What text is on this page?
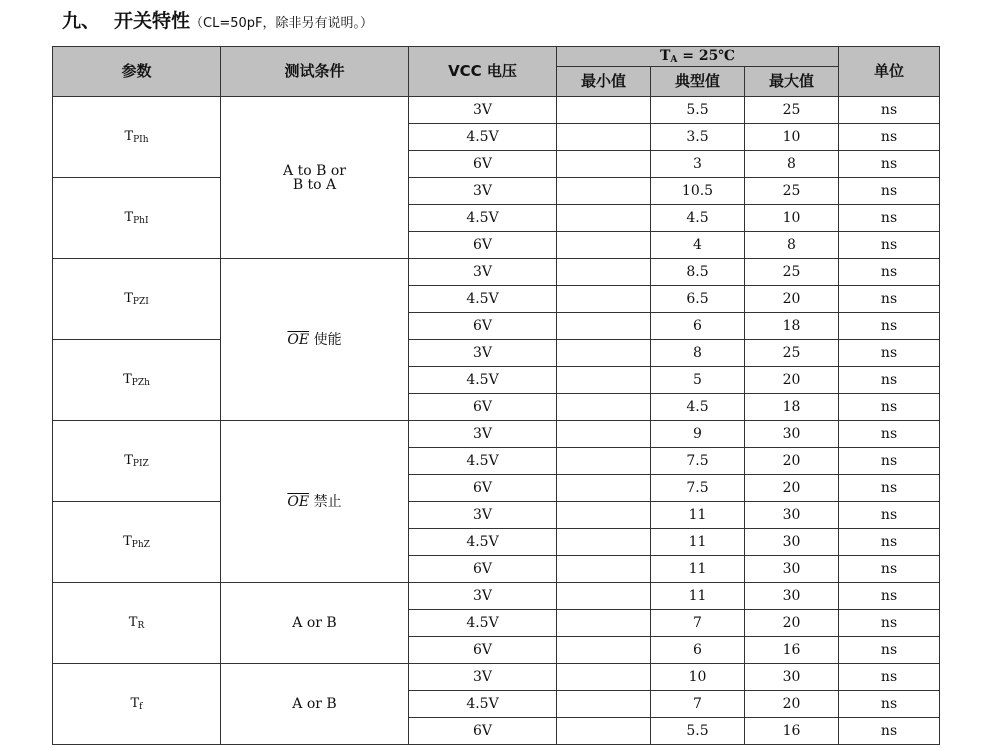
九、 开关特性（CL=50pF，除非另有说明。）
参数	测试条件	VCC 电压	$T_A$ = 25℃			单位
			最小值	典型值	最大值	
$T_{PIh}$	A to B or
B to A	3V		5.5	25	ns
		4.5V		3.5	10	ns
		6V		3	8	ns
$T_{PhI}$		3V		10.5	25	ns
		4.5V		4.5	10	ns
		6V		4	8	ns
$T_{PZI}$	$\overline{OE}$ 使能	3V		8.5	25	ns
		4.5V		6.5	20	ns
		6V		6	18	ns
$T_{PZh}$		3V		8	25	ns
		4.5V		5	20	ns
		6V		4.5	18	ns
$T_{PIZ}$	$\overline{OE}$ 禁止	3V		9	30	ns
		4.5V		7.5	20	ns
		6V		7.5	20	ns
$T_{PhZ}$		3V		11	30	ns
		4.5V		11	30	ns
		6V		11	30	ns
$T_R$	A or B	3V		11	30	ns
		4.5V		7	20	ns
		6V		6	16	ns
$T_f$	A or B	3V		10	30	ns
		4.5V		7	20	ns
		6V		5.5	16	ns
